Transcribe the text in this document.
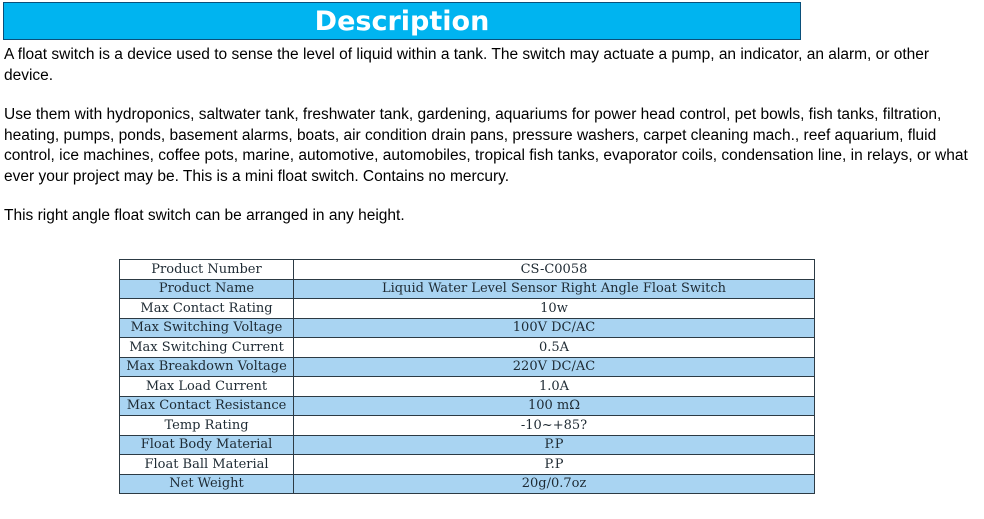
Description

A float switch is a device used to sense the level of liquid within a tank. The switch may actuate a pump, an indicator, an alarm, or other device.

Use them with hydroponics, saltwater tank, freshwater tank, gardening, aquariums for power head control, pet bowls, fish tanks, filtration, heating, pumps, ponds, basement alarms, boats, air condition drain pans, pressure washers, carpet cleaning mach., reef aquarium, fluid control, ice machines, coffee pots, marine, automotive, automobiles, tropical fish tanks, evaporator coils, condensation line, in relays, or what ever your project may be. This is a mini float switch. Contains no mercury.

This right angle float switch can be arranged in any height.

Product Number	CS-C0058
Product Name	Liquid Water Level Sensor Right Angle Float Switch
Max Contact Rating	10w
Max Switching Voltage	100V DC/AC
Max Switching Current	0.5A
Max Breakdown Voltage	220V DC/AC
Max Load Current	1.0A
Max Contact Resistance	100 mΩ
Temp Rating	-10~+85?
Float Body Material	P.P
Float Ball Material	P.P
Net Weight	20g/0.7oz
